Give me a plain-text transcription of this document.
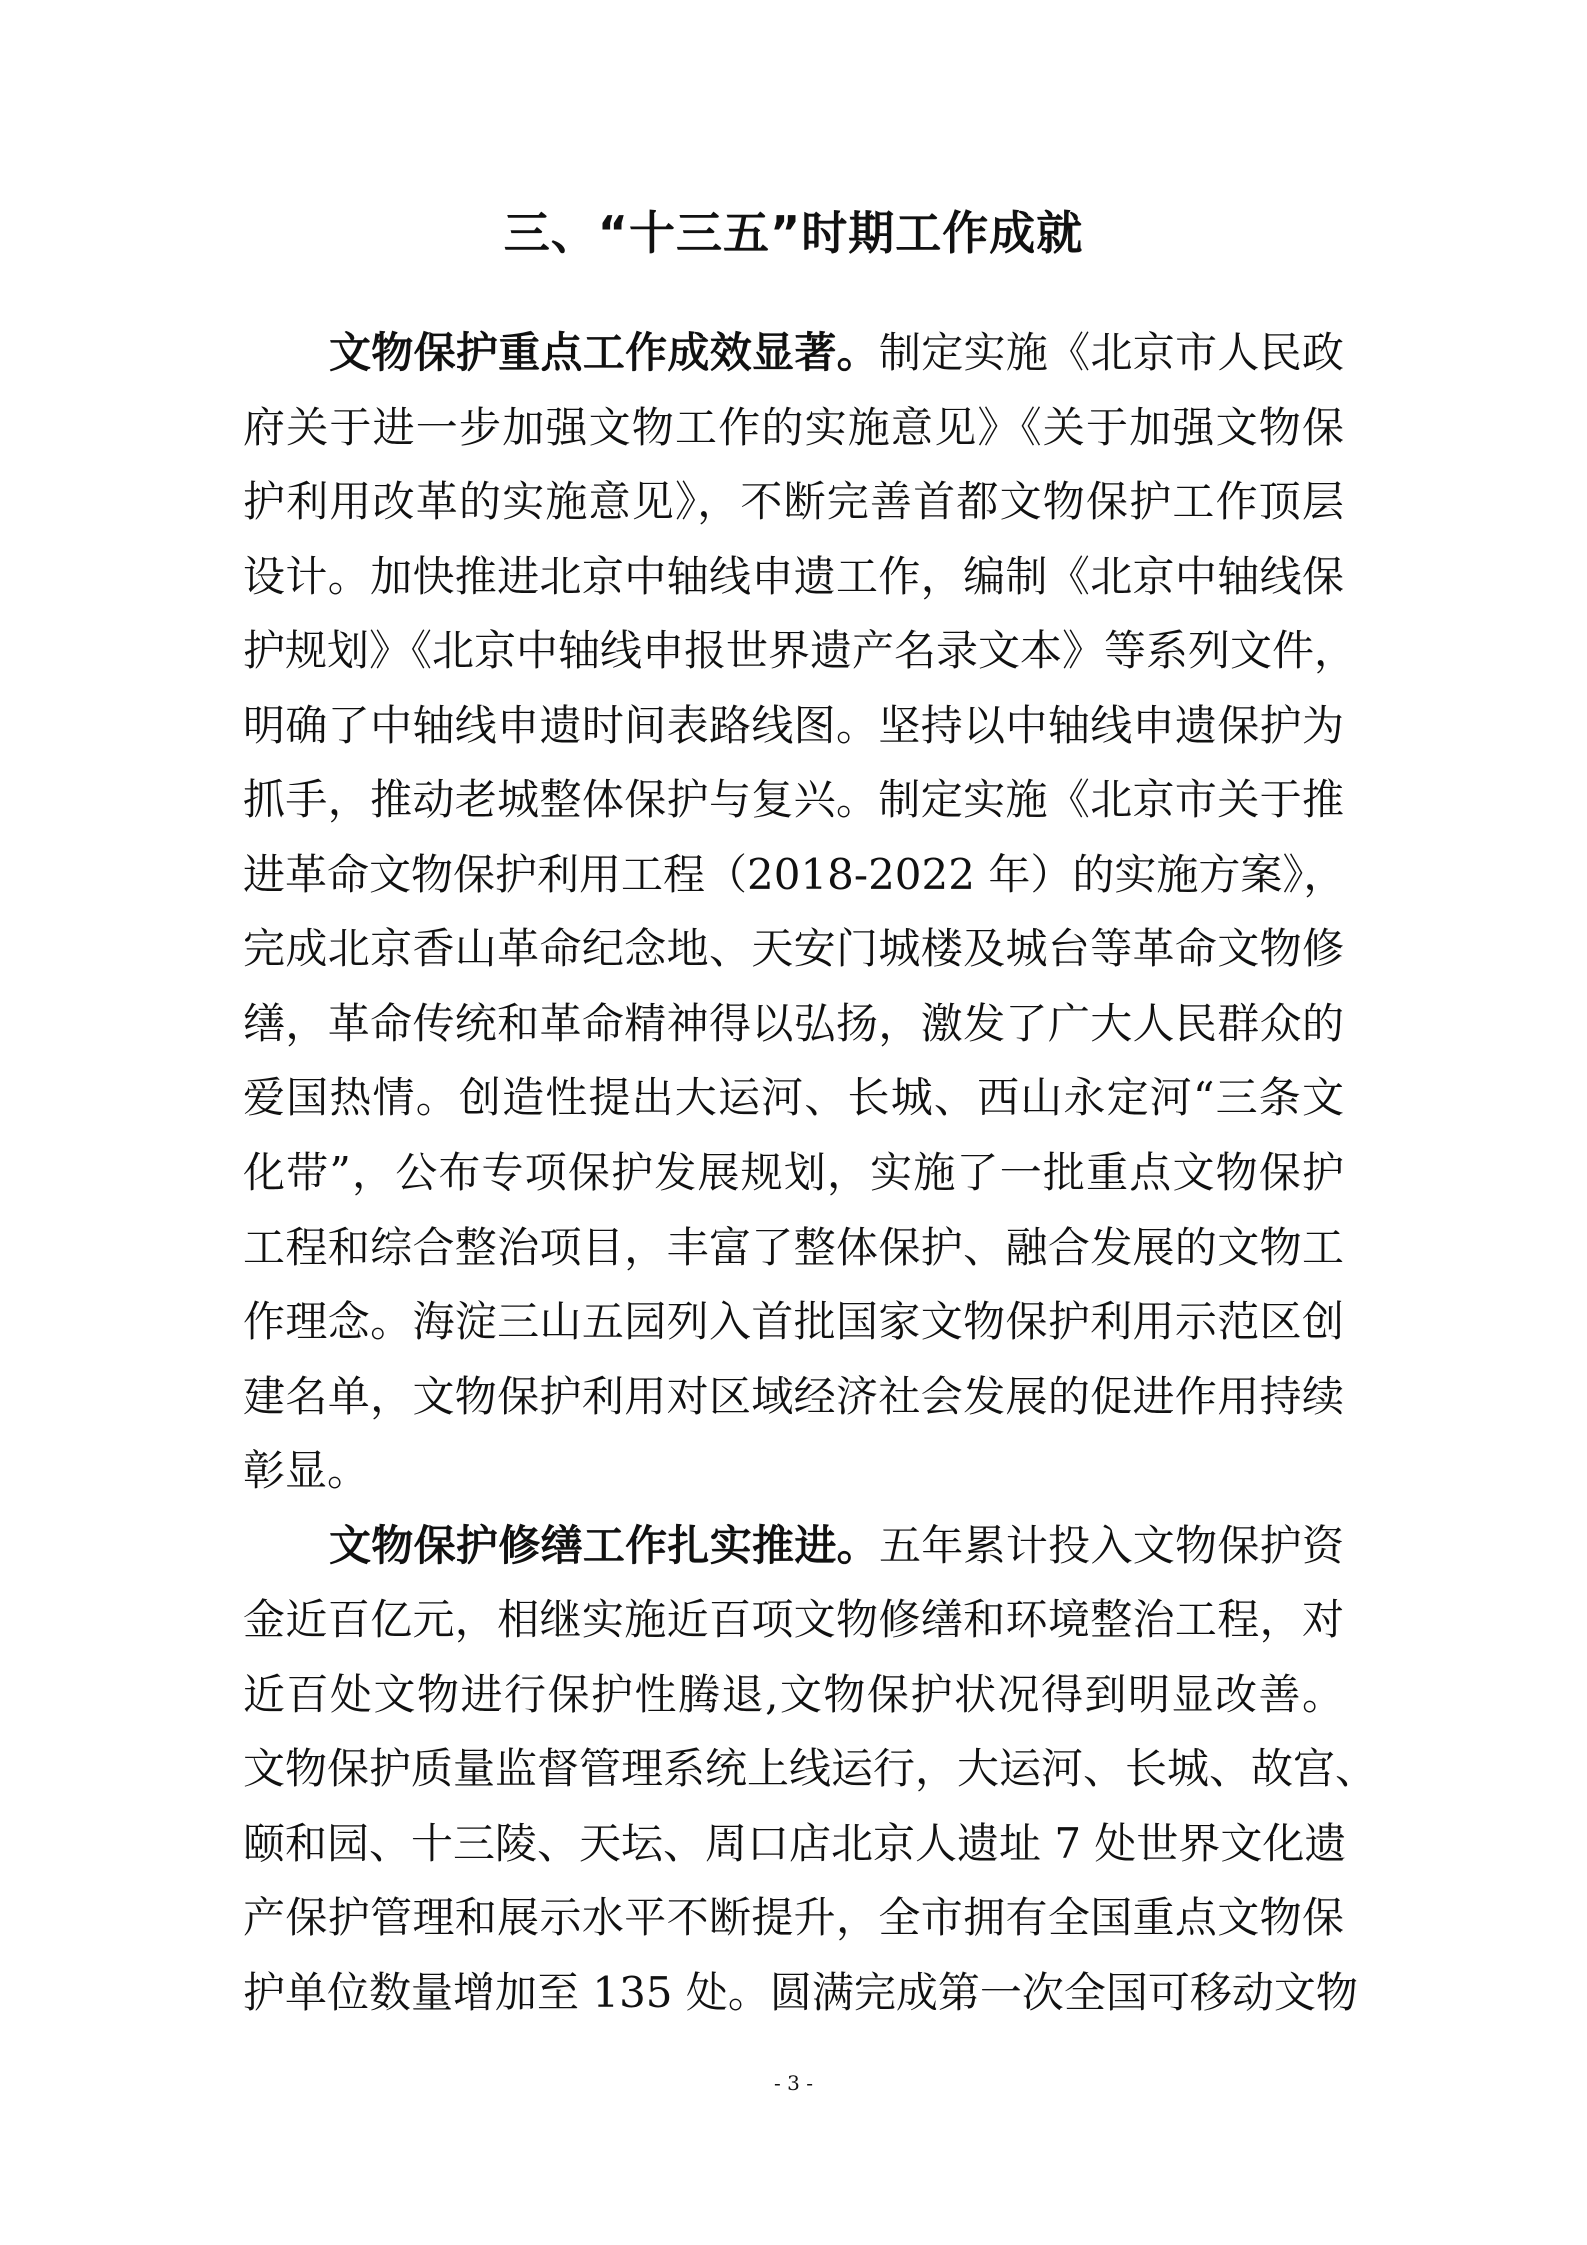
三、“十三五”时期工作成就
文物保护重点工作成效显著。制定实施《北京市人民政
府关于进一步加强文物工作的实施意见》《关于加强文物保
护利用改革的实施意见》，不断完善首都文物保护工作顶层
设计。加快推进北京中轴线申遗工作，编制《北京中轴线保
护规划》《北京中轴线申报世界遗产名录文本》等系列文件，
明确了中轴线申遗时间表路线图。坚持以中轴线申遗保护为
抓手，推动老城整体保护与复兴。制定实施《北京市关于推
进革命文物保护利用工程（2018-2022 年）的实施方案》，
完成北京香山革命纪念地、天安门城楼及城台等革命文物修
缮，革命传统和革命精神得以弘扬，激发了广大人民群众的
爱国热情。创造性提出大运河、长城、西山永定河“三条文
化带”，公布专项保护发展规划，实施了一批重点文物保护
工程和综合整治项目，丰富了整体保护、融合发展的文物工
作理念。海淀三山五园列入首批国家文物保护利用示范区创
建名单，文物保护利用对区域经济社会发展的促进作用持续
彰显。
文物保护修缮工作扎实推进。五年累计投入文物保护资
金近百亿元，相继实施近百项文物修缮和环境整治工程，对
近百处文物进行保护性腾退,文物保护状况得到明显改善。
文物保护质量监督管理系统上线运行，大运河、长城、故宫、
颐和园、十三陵、天坛、周口店北京人遗址 7 处世界文化遗
产保护管理和展示水平不断提升，全市拥有全国重点文物保
护单位数量增加至 135 处。圆满完成第一次全国可移动文物
- 3 -
